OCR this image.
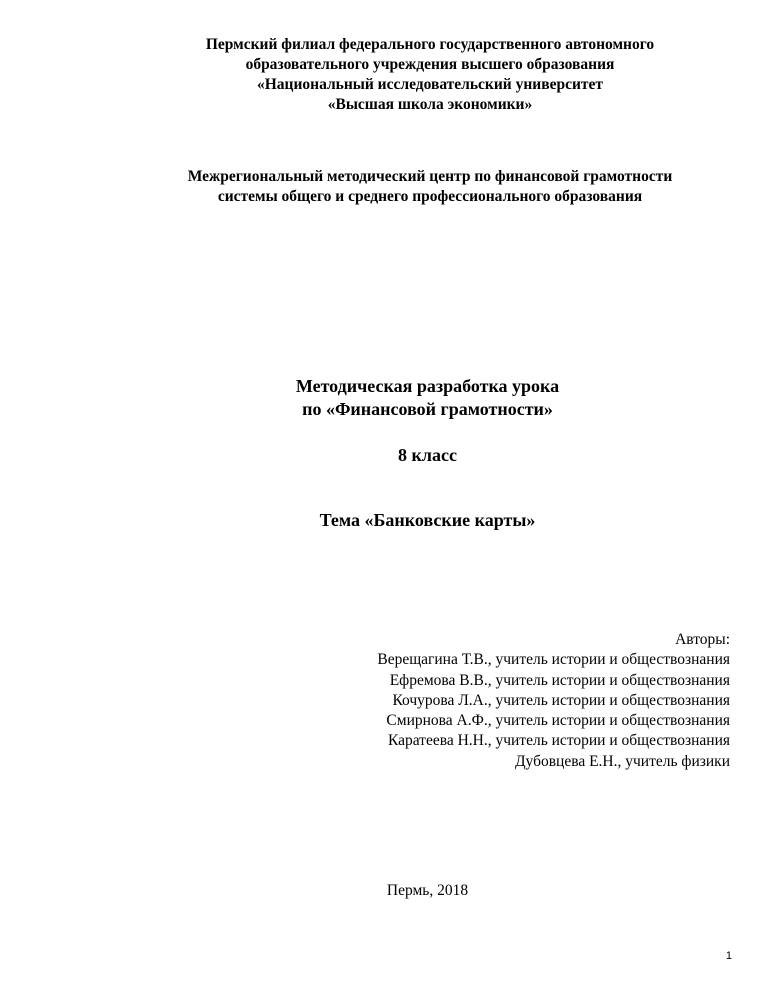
Пермский филиал федерального государственного автономного
образовательного учреждения высшего образования
«Национальный исследовательский университет
«Высшая школа экономики»
Межрегиональный методический центр по финансовой грамотности
системы общего и среднего профессионального образования
Методическая разработка урока
по «Финансовой грамотности»
8 класс
Тема «Банковские карты»
Авторы:
Верещагина Т.В., учитель истории и обществознания
Ефремова В.В., учитель истории и обществознания
Кочурова Л.А., учитель истории и обществознания
Смирнова А.Ф., учитель истории и обществознания
Каратеева Н.Н., учитель истории и обществознания
Дубовцева Е.Н., учитель физики
Пермь, 2018
1
